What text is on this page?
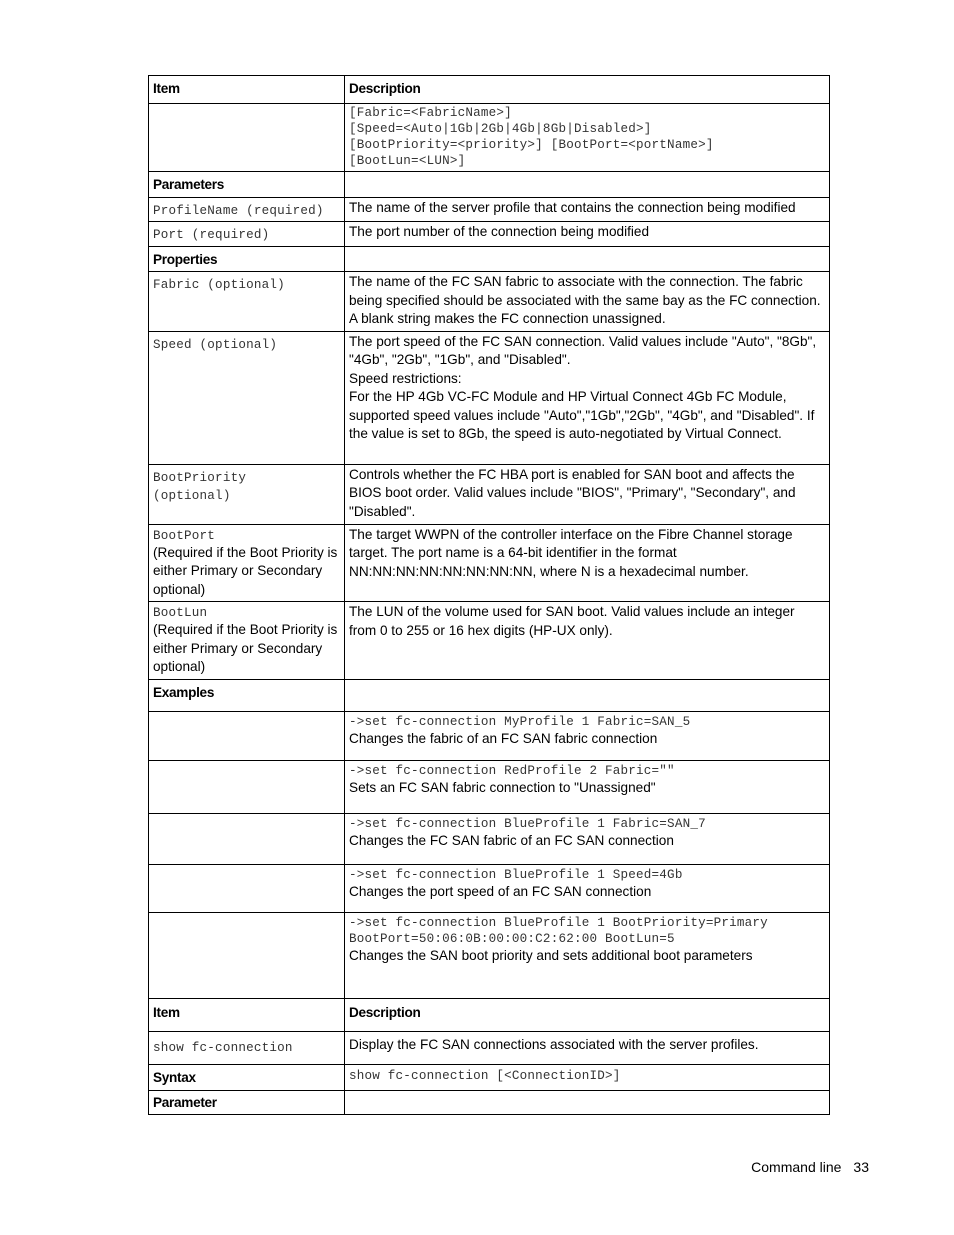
Item	Description

	[Fabric=<FabricName>]
[Speed=<Auto|1Gb|2Gb|4Gb|8Gb|Disabled>]
[BootPriority=<priority>] [BootPort=<portName>]
[BootLun=<LUN>]

Parameters	
ProfileName (required)	The name of the server profile that contains the connection being modified
Port (required)	The port number of the connection being modified
Properties	
Fabric (optional)	The name of the FC SAN fabric to associate with the connection. The fabric being specified should be associated with the same bay as the FC connection. A blank string makes the FC connection unassigned.
Speed (optional)	The port speed of the FC SAN connection. Valid values include "Auto", "8Gb", "4Gb", "2Gb", "1Gb", and "Disabled".
Speed restrictions:
For the HP 4Gb VC-FC Module and HP Virtual Connect 4Gb FC Module, supported speed values include "Auto","1Gb","2Gb", "4Gb", and "Disabled". If the value is set to 8Gb, the speed is auto-negotiated by Virtual Connect.

BootPriority
(optional)	Controls whether the FC HBA port is enabled for SAN boot and affects the BIOS boot order. Valid values include "BIOS", "Primary", "Secondary", and "Disabled".

BootPort
(Required if the Boot Priority is either Primary or Secondary optional)	The target WWPN of the controller interface on the Fibre Channel storage target. The port name is a 64-bit identifier in the format NN:NN:NN:NN:NN:NN:NN:NN, where N is a hexadecimal number.

BootLun
(Required if the Boot Priority is either Primary or Secondary optional)	The LUN of the volume used for SAN boot. Valid values include an integer from 0 to 255 or 16 hex digits (HP-UX only).
Examples	

	->set fc-connection MyProfile 1 Fabric=SAN_5
Changes the fabric of an FC SAN fabric connection

	->set fc-connection RedProfile 2 Fabric=""
Sets an FC SAN fabric connection to "Unassigned"

	->set fc-connection BlueProfile 1 Fabric=SAN_7
Changes the FC SAN fabric of an FC SAN connection

	->set fc-connection BlueProfile 1 Speed=4Gb
Changes the port speed of an FC SAN connection

	->set fc-connection BlueProfile 1 BootPriority=Primary
BootPort=50:06:0B:00:00:C2:62:00 BootLun=5
Changes the SAN boot priority and sets additional boot parameters
Item	Description
show fc-connection	Display the FC SAN connections associated with the server profiles.
Syntax	show fc-connection [<ConnectionID>]
Parameter	
Command line 33
